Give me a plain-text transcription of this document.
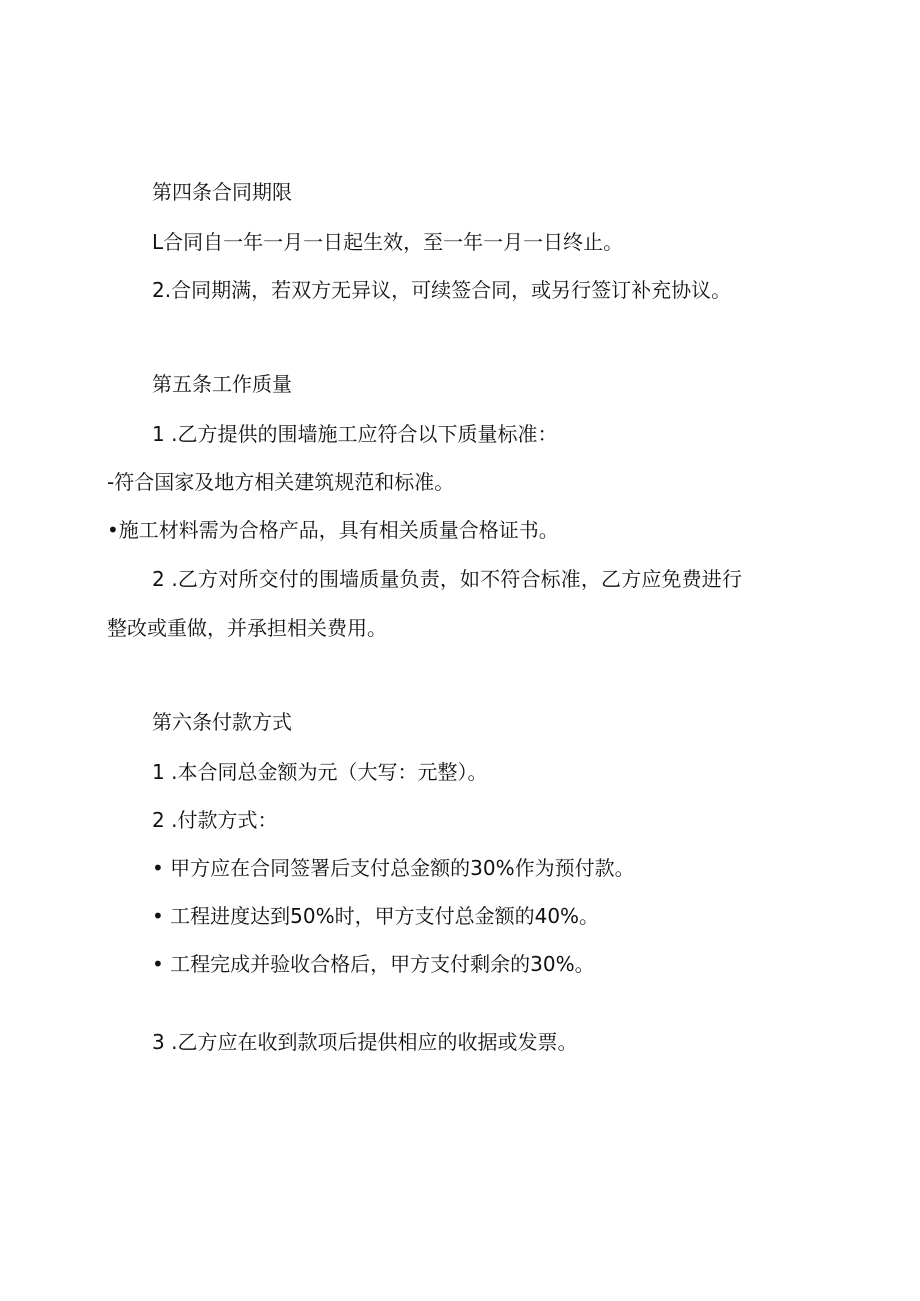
第四条合同期限
L合同自一年一月一日起生效，至一年一月一日终止。
2.合同期满，若双方无异议，可续签合同，或另行签订补充协议。
第五条工作质量
1 .乙方提供的围墙施工应符合以下质量标准：
-符合国家及地方相关建筑规范和标准。
•施工材料需为合格产品，具有相关质量合格证书。
2 .乙方对所交付的围墙质量负责，如不符合标准，乙方应免费进行
整改或重做，并承担相关费用。
第六条付款方式
1 .本合同总金额为元（大写：元整）。
2 .付款方式：
• 甲方应在合同签署后支付总金额的30%作为预付款。
• 工程进度达到50%时，甲方支付总金额的40%。
• 工程完成并验收合格后，甲方支付剩余的30%。
3 .乙方应在收到款项后提供相应的收据或发票。
